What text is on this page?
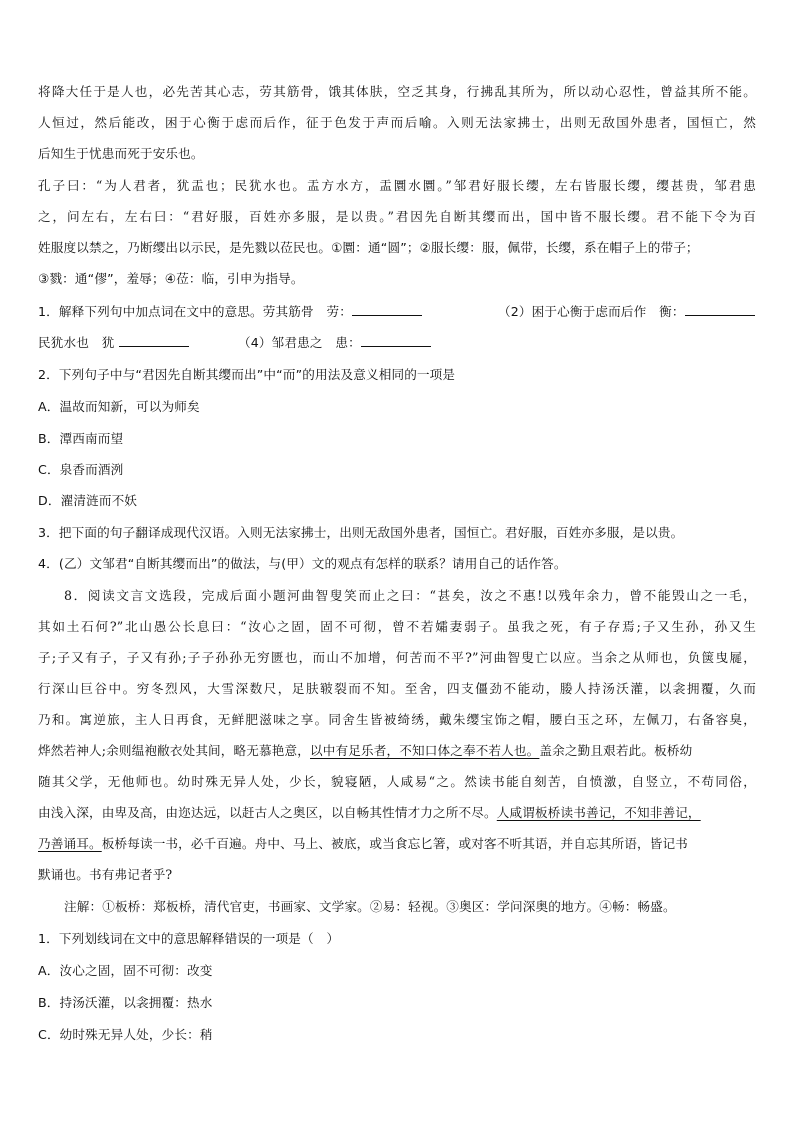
将降大任于是人也，必先苦其心志，劳其筋骨，饿其体肤，空乏其身，行拂乱其所为，所以动心忍性，曾益其所不能。
人恒过，然后能改，困于心衡于虑而后作，征于色发于声而后喻。入则无法家拂士，出则无敌国外患者，国恒亡，然
后知生于忧患而死于安乐也。
孔子曰：“为人君者，犹盂也；民犹水也。盂方水方，盂圜水圜。”邹君好服长缨，左右皆服长缨，缨甚贵，邹君患
之，问左右，左右曰：“君好服，百姓亦多服，是以贵。”君因先自断其缨而出，国中皆不服长缨。君不能下令为百
姓服度以禁之，乃断缨出以示民，是先戮以莅民也。①圜：通“圆”；②服长缨：服，佩带，长缨，系在帽子上的带子；
③戮：通“僇”，羞辱；④莅：临，引申为指导。
1．解释下列句中加点词在文中的意思。劳其筋骨　劳：	（2）困于心衡于虑而后作　衡：
民犹水也　犹	（4）邹君患之　患：
2．下列句子中与“君因先自断其缨而出”中“而”的用法及意义相同的一项是
A．温故而知新，可以为师矣
B．潭西南而望
C．泉香而酒洌
D．濯清涟而不妖
3．把下面的句子翻译成现代汉语。入则无法家拂士，出则无敌国外患者，国恒亡。君好服，百姓亦多服，是以贵。
4．(乙）文邹君“自断其缨而出”的做法，与(甲）文的观点有怎样的联系？请用自己的话作答。
8．阅读文言文选段，完成后面小题河曲智叟笑而止之曰：“甚矣，汝之不惠!以残年余力，曾不能毁山之一毛，
其如土石何?”北山愚公长息曰：“汝心之固，固不可彻，曾不若孀妻弱子。虽我之死，有子存焉;子又生孙，孙又生
子;子又有子，子又有孙;子子孙孙无穷匮也，而山不加增，何苦而不平?”河曲智叟亡以应。当余之从师也，负箧曳屣，
行深山巨谷中。穷冬烈风，大雪深数尺，足肤皲裂而不知。至舍，四支僵劲不能动，媵人持汤沃灌，以衾拥覆，久而
乃和。寓逆旅，主人日再食，无鲜肥滋味之享。同舍生皆被绮绣，戴朱缨宝饰之帽，腰白玉之环，左佩刀，右备容臭，
烨然若神人;余则缊袍敝衣处其间，略无慕艳意，以中有足乐者，不知口体之奉不若人也。盖余之勤且艰若此。板桥幼
随其父学，无他师也。幼时殊无异人处，少长，貌寝陋，人咸易“之。然读书能自刻苦，自愤激，自竖立，不苟同俗，
由浅入深，由卑及高，由迩达远，以赶古人之奥区，以自畅其性情才力之所不尽。人咸谓板桥读书善记，不知非善记，
乃善诵耳。板桥每读一书，必千百遍。舟中、马上、被底，或当食忘匕箸，或对客不听其语，并自忘其所语，皆记书
默诵也。书有弗记者乎?
注解：①板桥：郑板桥，清代官吏，书画家、文学家。②易：轻视。③奥区：学问深奥的地方。④畅：畅盛。
1．下列划线词在文中的意思解释错误的一项是（　）
A．汝心之固，固不可彻：改变
B．持汤沃灌，以衾拥覆：热水
C．幼时殊无异人处，少长：稍
